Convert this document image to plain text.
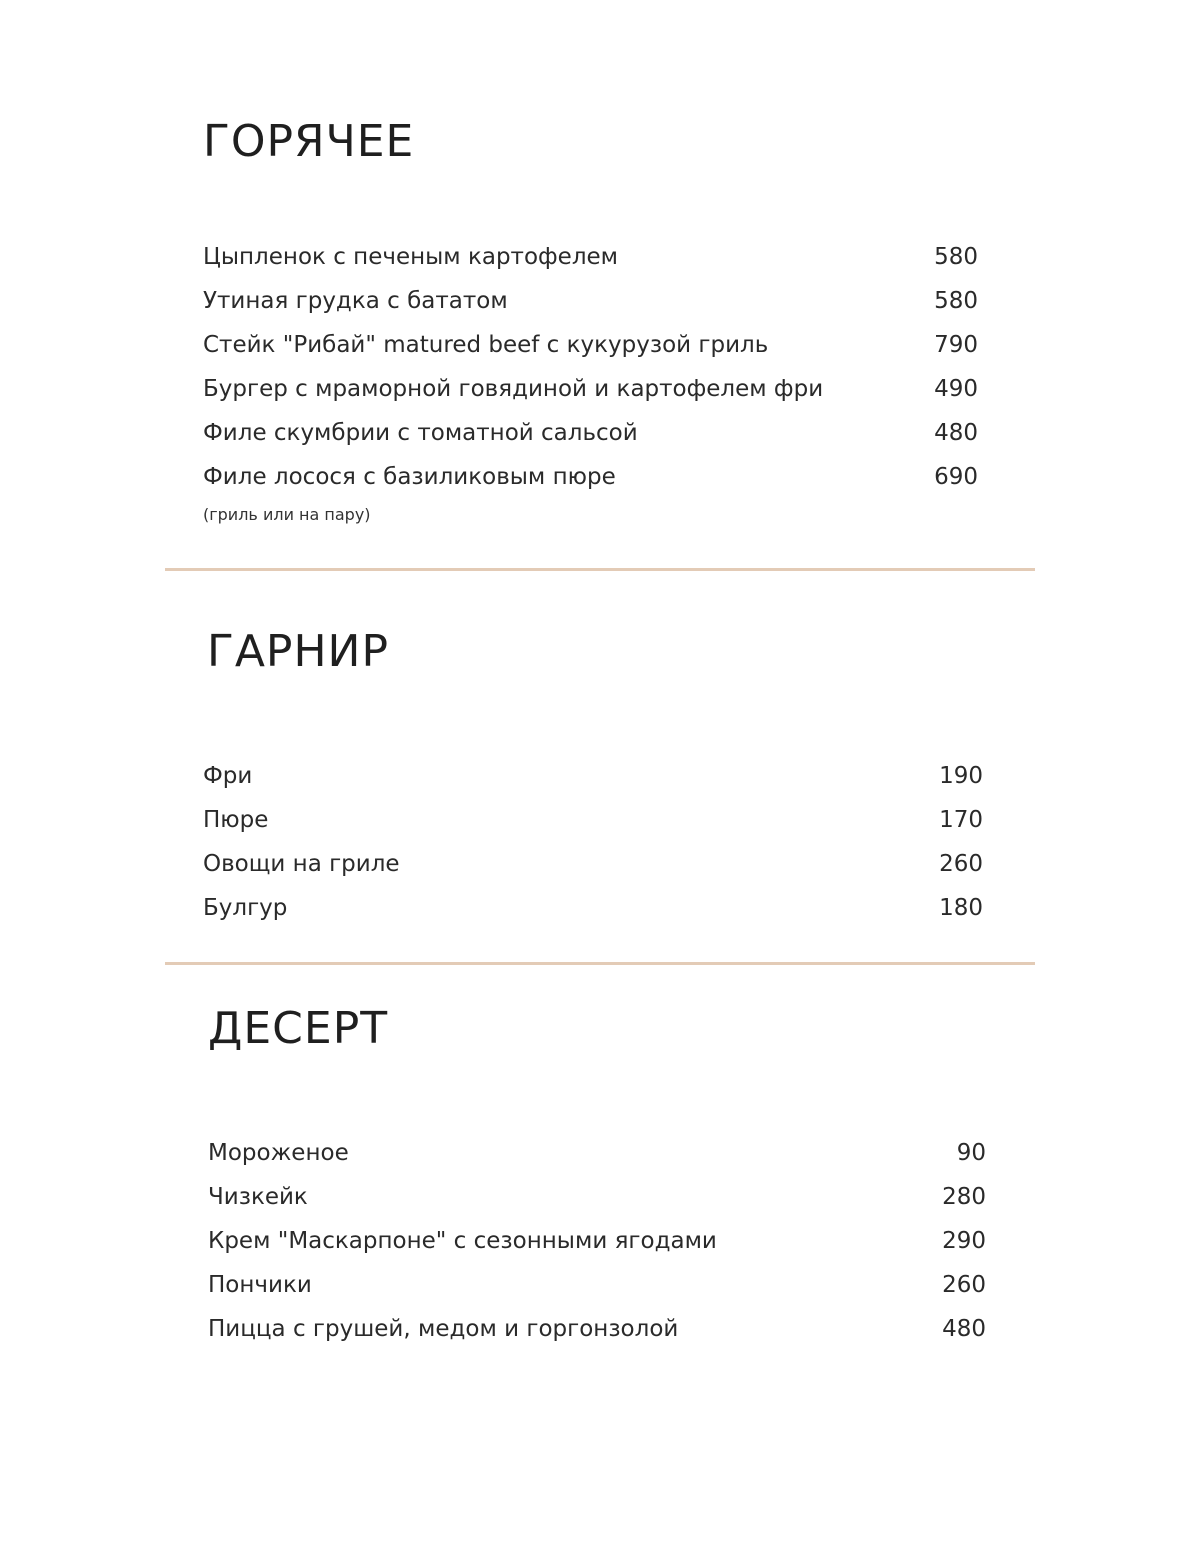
ГОРЯЧЕЕ
Цыпленок с печеным картофелем	580
Утиная грудка с бататом	580
Стейк "Рибай" matured beef с кукурузой гриль	790
Бургер с мраморной говядиной и картофелем фри	490
Филе скумбрии с томатной сальсой	480
Филе лосося с базиликовым пюре	690
(гриль или на пару)
ГАРНИР
Фри	190
Пюре	170
Овощи на гриле	260
Булгур	180
ДЕСЕРТ
Мороженое	90
Чизкейк	280
Крем "Маскарпоне" с сезонными ягодами	290
Пончики	260
Пицца с грушей, медом и горгонзолой	480
